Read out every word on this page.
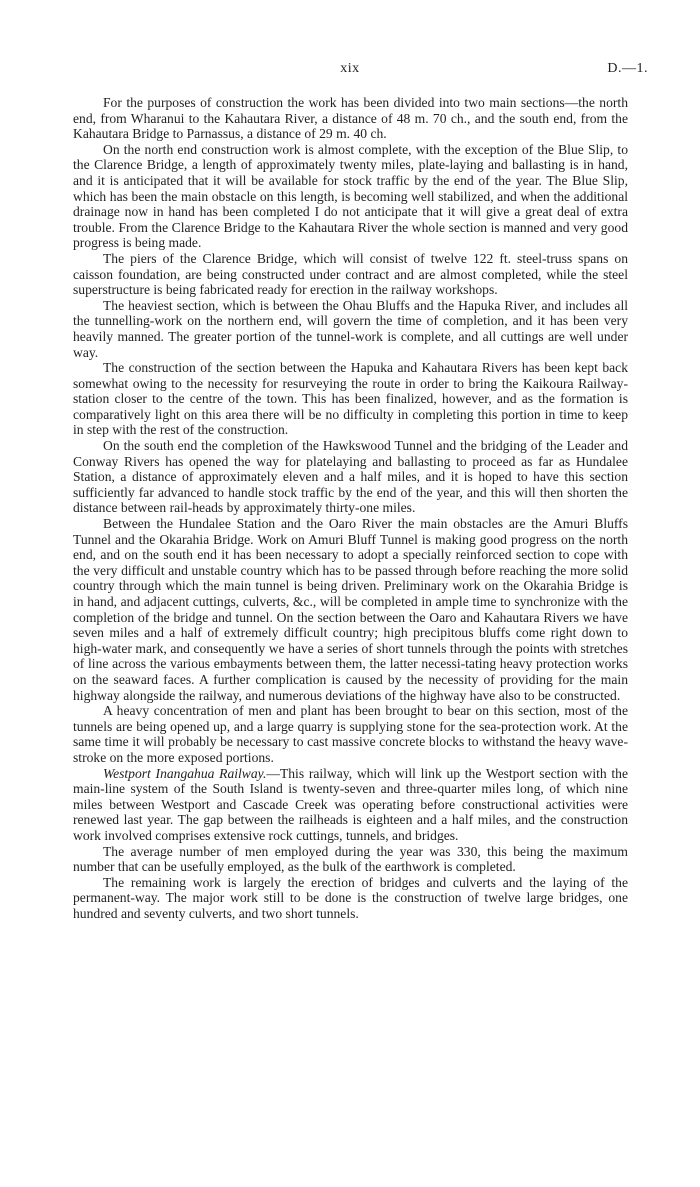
xix	D.—1.

For the purposes of construction the work has been divided into two main sections—the north end, from Wharanui to the Kahautara River, a distance of 48 m. 70 ch., and the south end, from the Kahautara Bridge to Parnassus, a distance of 29 m. 40 ch.

On the north end construction work is almost complete, with the exception of the Blue Slip, to the Clarence Bridge, a length of approximately twenty miles, plate-laying and ballasting is in hand, and it is anticipated that it will be available for stock traffic by the end of the year. The Blue Slip, which has been the main obstacle on this length, is becoming well stabilized, and when the additional drainage now in hand has been completed I do not anticipate that it will give a great deal of extra trouble. From the Clarence Bridge to the Kahautara River the whole section is manned and very good progress is being made.

The piers of the Clarence Bridge, which will consist of twelve 122 ft. steel-truss spans on caisson foundation, are being constructed under contract and are almost completed, while the steel superstructure is being fabricated ready for erection in the railway workshops.

The heaviest section, which is between the Ohau Bluffs and the Hapuka River, and includes all the tunnelling-work on the northern end, will govern the time of completion, and it has been very heavily manned. The greater portion of the tunnel-work is complete, and all cuttings are well under way.

The construction of the section between the Hapuka and Kahautara Rivers has been kept back somewhat owing to the necessity for resurveying the route in order to bring the Kaikoura Railway-station closer to the centre of the town. This has been finalized, however, and as the formation is comparatively light on this area there will be no difficulty in completing this portion in time to keep in step with the rest of the construction.

On the south end the completion of the Hawkswood Tunnel and the bridging of the Leader and Conway Rivers has opened the way for platelaying and ballasting to proceed as far as Hundalee Station, a distance of approximately eleven and a half miles, and it is hoped to have this section sufficiently far advanced to handle stock traffic by the end of the year, and this will then shorten the distance between rail-heads by approximately thirty-one miles.

Between the Hundalee Station and the Oaro River the main obstacles are the Amuri Bluffs Tunnel and the Okarahia Bridge. Work on Amuri Bluff Tunnel is making good progress on the north end, and on the south end it has been necessary to adopt a specially reinforced section to cope with the very difficult and unstable country which has to be passed through before reaching the more solid country through which the main tunnel is being driven. Preliminary work on the Okarahia Bridge is in hand, and adjacent cuttings, culverts, &c., will be completed in ample time to synchronize with the completion of the bridge and tunnel. On the section between the Oaro and Kahautara Rivers we have seven miles and a half of extremely difficult country; high precipitous bluffs come right down to high-water mark, and consequently we have a series of short tunnels through the points with stretches of line across the various embayments between them, the latter necessi-tating heavy protection works on the seaward faces. A further complication is caused by the necessity of providing for the main highway alongside the railway, and numerous deviations of the highway have also to be constructed.

A heavy concentration of men and plant has been brought to bear on this section, most of the tunnels are being opened up, and a large quarry is supplying stone for the sea-protection work. At the same time it will probably be necessary to cast massive concrete blocks to withstand the heavy wave-stroke on the more exposed portions.

Westport Inangahua Railway.—This railway, which will link up the Westport section with the main-line system of the South Island is twenty-seven and three-quarter miles long, of which nine miles between Westport and Cascade Creek was operating before constructional activities were renewed last year. The gap between the railheads is eighteen and a half miles, and the construction work involved comprises extensive rock cuttings, tunnels, and bridges.

The average number of men employed during the year was 330, this being the maximum number that can be usefully employed, as the bulk of the earthwork is completed.

The remaining work is largely the erection of bridges and culverts and the laying of the permanent-way. The major work still to be done is the construction of twelve large bridges, one hundred and seventy culverts, and two short tunnels.
